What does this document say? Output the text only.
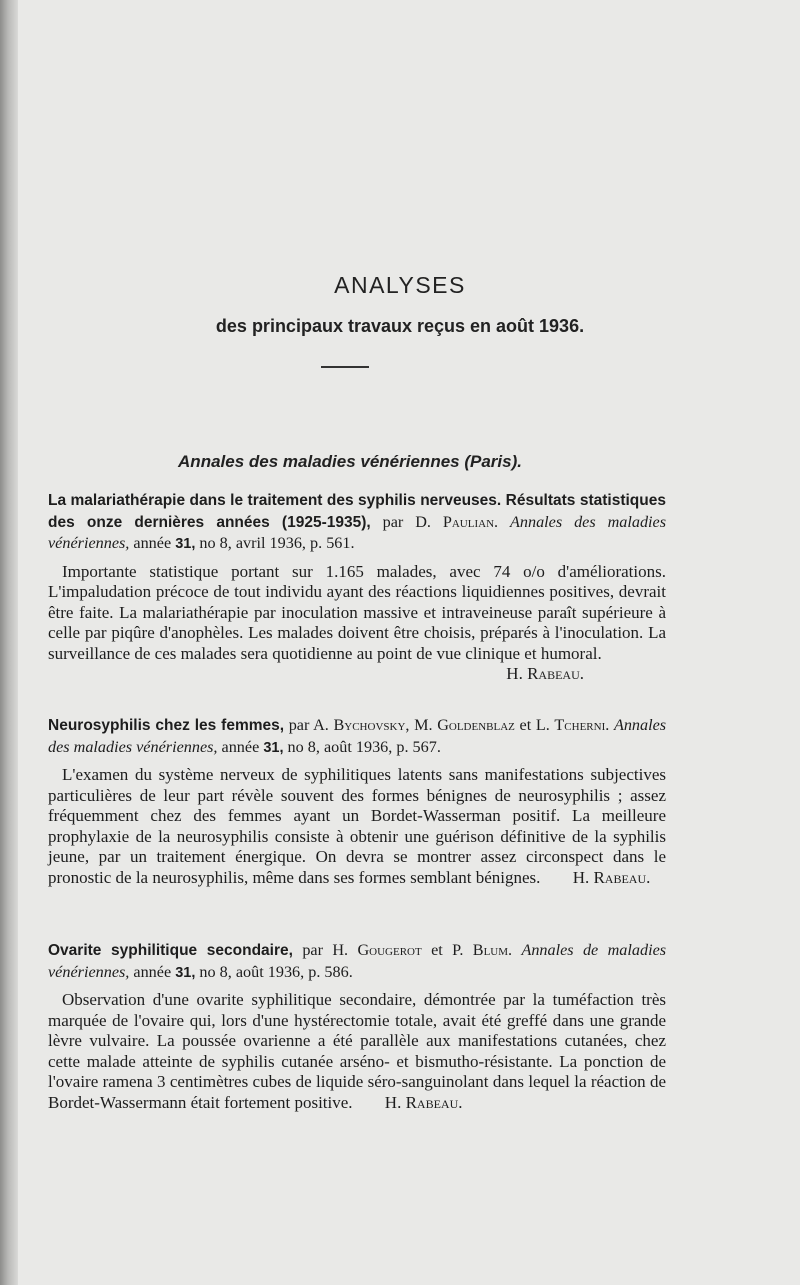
ANALYSES
des principaux travaux reçus en août 1936.
Annales des maladies vénériennes (Paris).
La malariathérapie dans le traitement des syphilis nerveuses. Résultats statistiques des onze dernières années (1925-1935), par D. Paulian. Annales des maladies vénériennes, année 31, no 8, avril 1936, p. 561.
Importante statistique portant sur 1.165 malades, avec 74 o/o d'améliorations. L'impaludation précoce de tout individu ayant des réactions liquidiennes positives, devrait être faite. La malariathérapie par inoculation massive et intraveineuse paraît supérieure à celle par piqûre d'anophèles. Les malades doivent être choisis, préparés à l'inoculation. La surveillance de ces malades sera quotidienne au point de vue clinique et humoral.
H. Rabeau.
Neurosyphilis chez les femmes, par A. Bychovsky, M. Goldenblaz et L. Tcherni. Annales des maladies vénériennes, année 31, no 8, août 1936, p. 567.
L'examen du système nerveux de syphilitiques latents sans manifestations subjectives particulières de leur part révèle souvent des formes bénignes de neurosyphilis ; assez fréquemment chez des femmes ayant un Bordet-Wasserman positif. La meilleure prophylaxie de la neurosyphilis consiste à obtenir une guérison définitive de la syphilis jeune, par un traitement énergique. On devra se montrer assez circonspect dans le pronostic de la neurosyphilis, même dans ses formes semblant bénignes. H. Rabeau.
Ovarite syphilitique secondaire, par H. Gougerot et P. Blum. Annales de maladies vénériennes, année 31, no 8, août 1936, p. 586.
Observation d'une ovarite syphilitique secondaire, démontrée par la tuméfaction très marquée de l'ovaire qui, lors d'une hystérectomie totale, avait été greffé dans une grande lèvre vulvaire. La poussée ovarienne a été parallèle aux manifestations cutanées, chez cette malade atteinte de syphilis cutanée arséno- et bismutho-résistante. La ponction de l'ovaire ramena 3 centimètres cubes de liquide séro-sanguinolant dans lequel la réaction de Bordet-Wassermann était fortement positive. H. Rabeau.
